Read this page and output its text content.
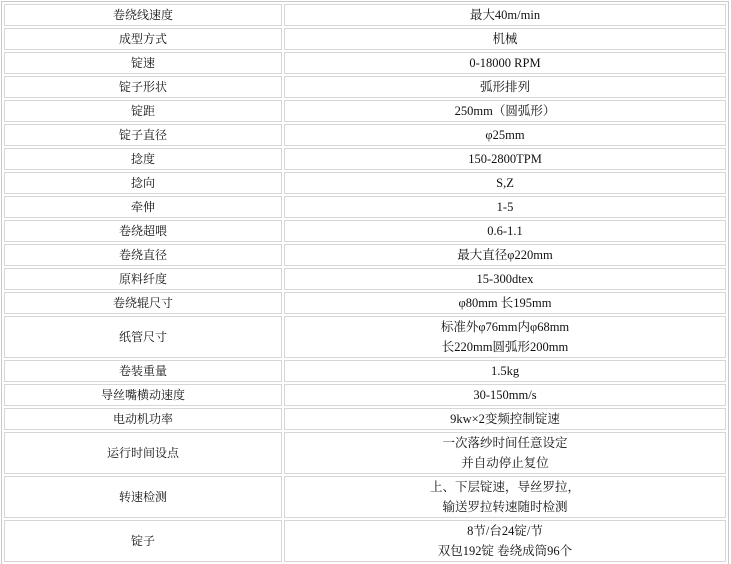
卷绕线速度	最大40m/min

成型方式	机械

锭速	0-18000 RPM

锭子形状	弧形排列

锭距	250mm（圆弧形）

锭子直径	φ25mm

捻度	150-2800TPM

捻向	S,Z

牵伸	1-5

卷绕超喂	0.6-1.1

卷绕直径	最大直径φ220mm

原料纤度	15-300dtex

卷绕辊尺寸	φ80mm 长195mm

纸管尺寸	标准外φ76mm内φ68mm
长220mm圆弧形200mm

卷装重量	1.5kg

导丝嘴横动速度	30-150mm/s

电动机功率	9kw×2变频控制锭速

运行时间设点	一次落纱时间任意设定
并自动停止复位

转速检测	上、下层锭速，导丝罗拉，
输送罗拉转速随时检测

锭子	8节/台24锭/节
双包192锭 卷绕成筒96个
